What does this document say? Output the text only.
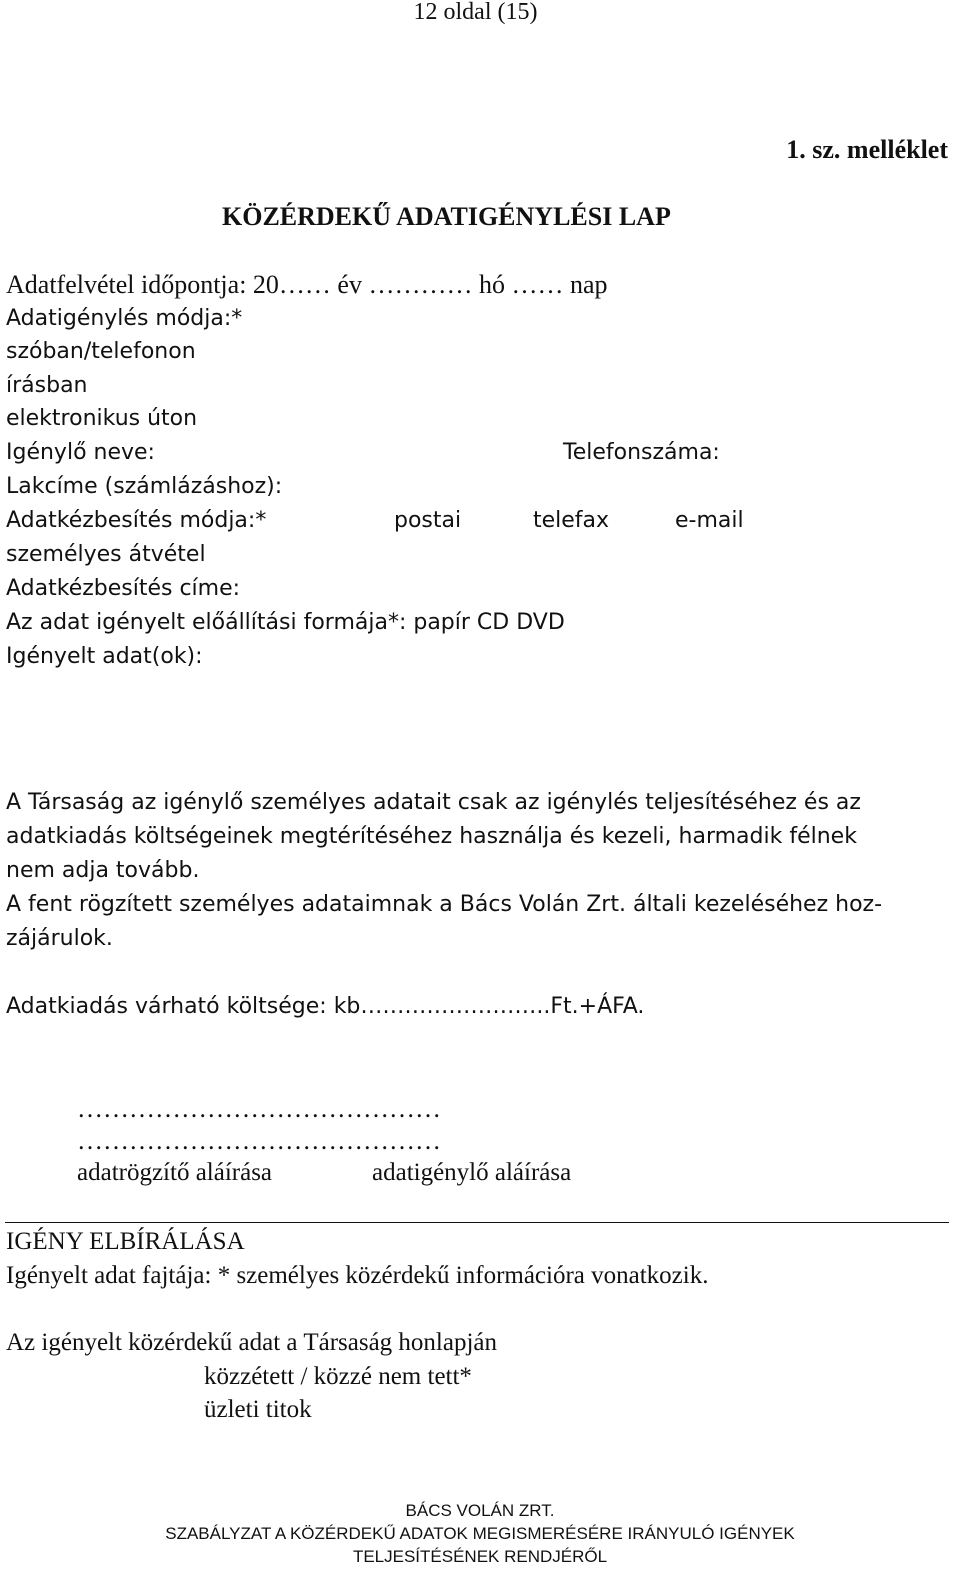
12 oldal (15)
1. sz. melléklet
KÖZÉRDEKŰ ADATIGÉNYLÉSI LAP
Adatfelvétel időpontja: 20…… év ………… hó …… nap
Adatigénylés módja:*
szóban/telefonon
írásban
elektronikus úton
Igénylő neve:	Telefonszáma:
Lakcíme (számlázáshoz):
Adatkézbesítés módja:*	postai	telefax	e-mail
személyes átvétel
Adatkézbesítés címe:
Az adat igényelt előállítási formája*: papír CD DVD
Igényelt adat(ok):
A Társaság az igénylő személyes adatait csak az igénylés teljesítéséhez és az
adatkiadás költségeinek megtérítéséhez használja és kezeli, harmadik félnek
nem adja tovább.
A fent rögzített személyes adataimnak a Bács Volán Zrt. általi kezeléséhez hoz-
zájárulok.
Adatkiadás várható költsége: kb……………………..Ft.+ÁFA.
……………………………………
……………………………………
adatrögzítő aláírása	adatigénylő aláírása
IGÉNY ELBÍRÁLÁSA
Igényelt adat fajtája: * személyes közérdekű információra vonatkozik.
Az igényelt közérdekű adat a Társaság honlapján
közzétett / közzé nem tett*
üzleti titok
BÁCS VOLÁN ZRT.
SZABÁLYZAT A KÖZÉRDEKŰ ADATOK MEGISMERÉSÉRE IRÁNYULÓ IGÉNYEK
TELJESÍTÉSÉNEK RENDJÉRŐL
